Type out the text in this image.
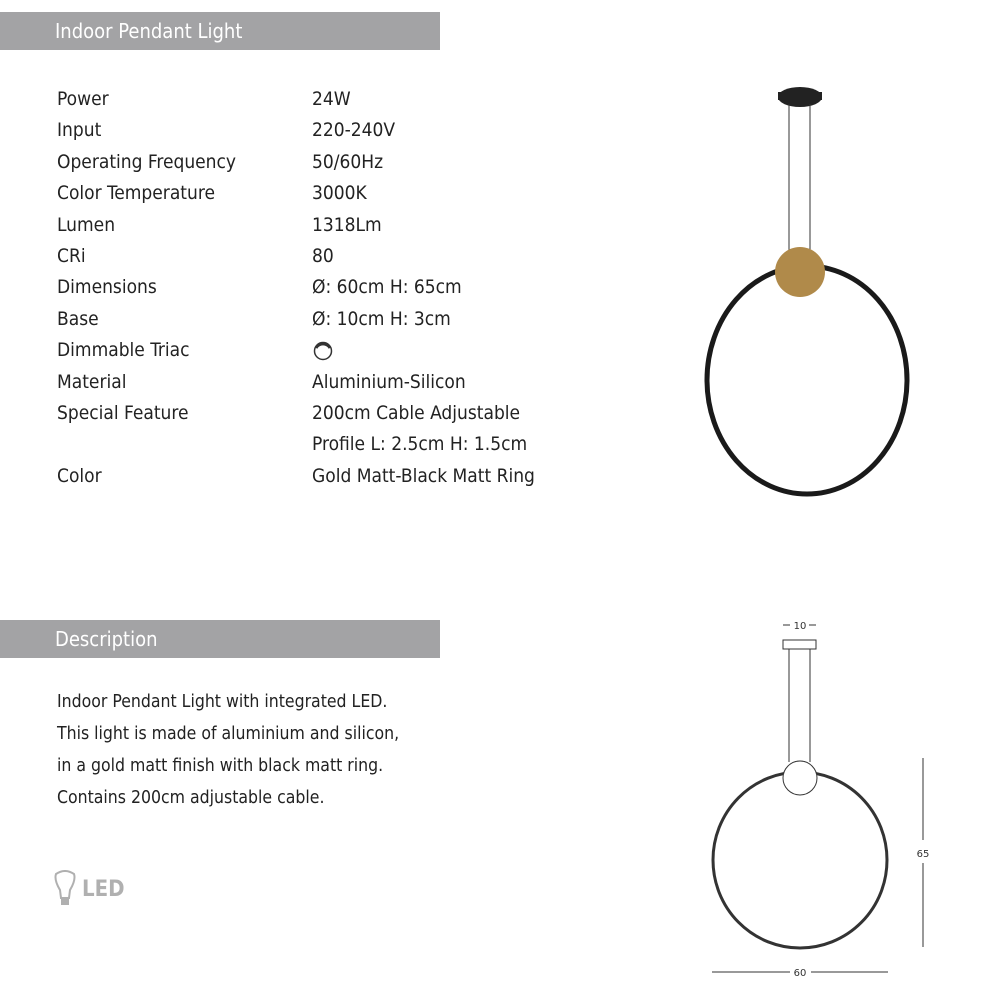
Indoor Pendant Light
Power	24W
Input	220-240V
Operating Frequency	50/60Hz
Color Temperature	3000K
Lumen	1318Lm
CRi	80
Dimensions	Ø: 60cm H: 65cm
Base	Ø: 10cm H: 3cm
Dimmable Triac
Material	Aluminium-Silicon
Special Feature	200cm Cable Adjustable
Profile L: 2.5cm H: 1.5cm
Color	Gold Matt-Black Matt Ring
Description
Indoor Pendant Light with integrated LED.
This light is made of aluminium and silicon,
in a gold matt finish with black matt ring.
Contains 200cm adjustable cable.
LED
10
65
60
